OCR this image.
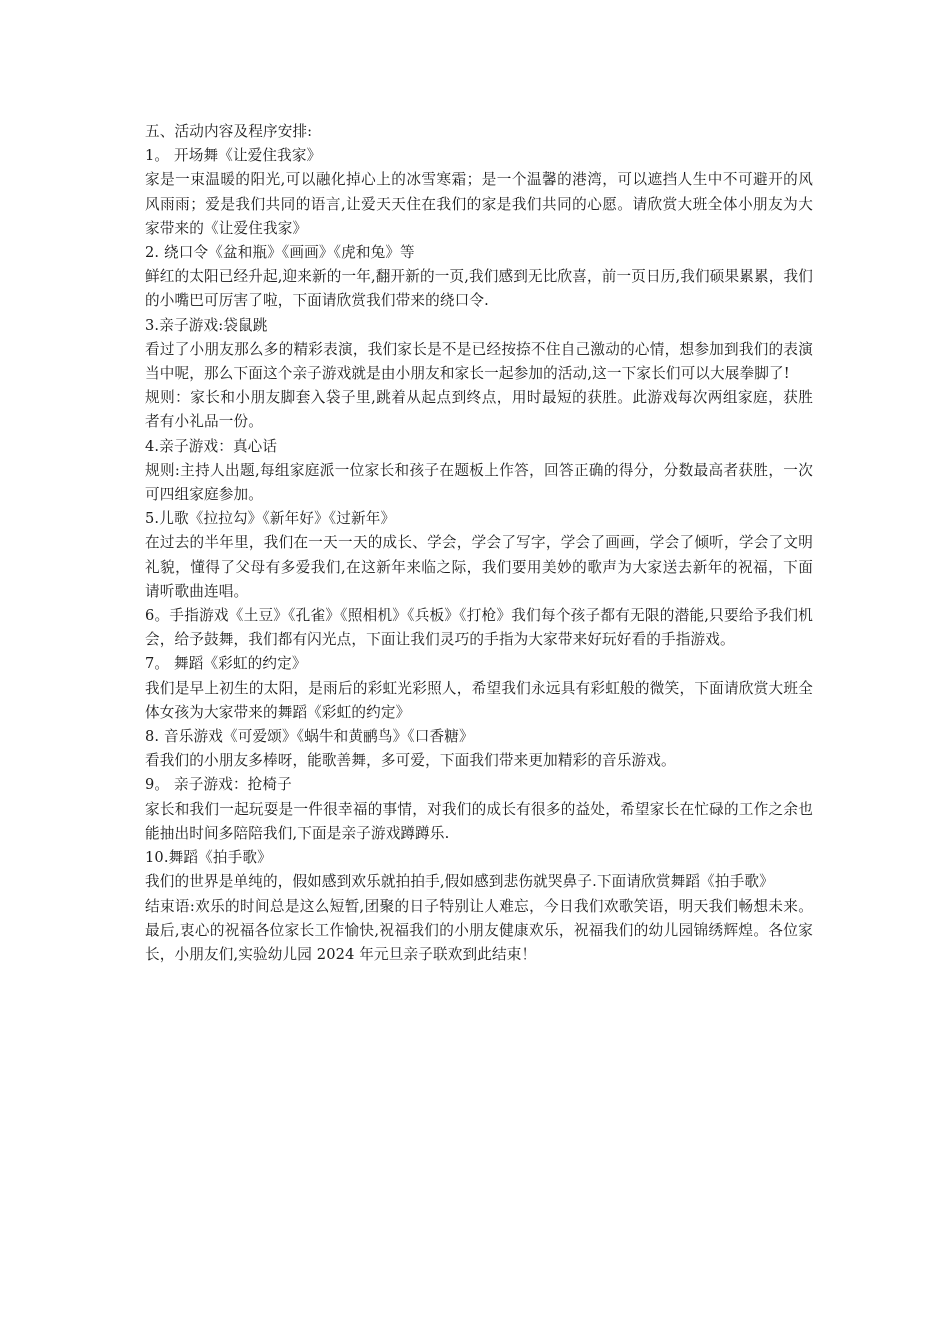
五、活动内容及程序安排:

1。 开场舞《让爱住我家》

家是一束温暖的阳光,可以融化掉心上的冰雪寒霜；是一个温馨的港湾，可以遮挡人生中不可避开的风风雨雨；爱是我们共同的语言,让爱天天住在我们的家是我们共同的心愿。请欣赏大班全体小朋友为大家带来的《让爱住我家》

2. 绕口令《盆和瓶》《画画》《虎和兔》等

鲜红的太阳已经升起,迎来新的一年,翻开新的一页,我们感到无比欣喜，前一页日历,我们硕果累累，我们的小嘴巴可厉害了啦，下面请欣赏我们带来的绕口令.

3.亲子游戏:袋鼠跳

看过了小朋友那么多的精彩表演，我们家长是不是已经按捺不住自己激动的心情，想参加到我们的表演当中呢，那么下面这个亲子游戏就是由小朋友和家长一起参加的活动,这一下家长们可以大展拳脚了!

规则：家长和小朋友脚套入袋子里,跳着从起点到终点，用时最短的获胜。此游戏每次两组家庭，获胜者有小礼品一份。

4.亲子游戏：真心话

规则:主持人出题,每组家庭派一位家长和孩子在题板上作答，回答正确的得分，分数最高者获胜，一次可四组家庭参加。

5.儿歌《拉拉勾》《新年好》《过新年》

在过去的半年里，我们在一天一天的成长、学会，学会了写字，学会了画画，学会了倾听，学会了文明礼貌，懂得了父母有多爱我们,在这新年来临之际，我们要用美妙的歌声为大家送去新年的祝福，下面请听歌曲连唱。

6。手指游戏《土豆》《孔雀》《照相机》《兵板》《打枪》我们每个孩子都有无限的潜能,只要给予我们机会，给予鼓舞，我们都有闪光点，下面让我们灵巧的手指为大家带来好玩好看的手指游戏。

7。 舞蹈《彩虹的约定》

我们是早上初生的太阳，是雨后的彩虹光彩照人，希望我们永远具有彩虹般的微笑，下面请欣赏大班全体女孩为大家带来的舞蹈《彩虹的约定》

8. 音乐游戏《可爱颂》《蜗牛和黄鹂鸟》《口香糖》

看我们的小朋友多棒呀，能歌善舞，多可爱，下面我们带来更加精彩的音乐游戏。

9。 亲子游戏：抢椅子

家长和我们一起玩耍是一件很幸福的事情，对我们的成长有很多的益处，希望家长在忙碌的工作之余也能抽出时间多陪陪我们,下面是亲子游戏蹲蹲乐.

10.舞蹈《拍手歌》

我们的世界是单纯的，假如感到欢乐就拍拍手,假如感到悲伤就哭鼻子.下面请欣赏舞蹈《拍手歌》

结束语:欢乐的时间总是这么短暂,团聚的日子特别让人难忘，今日我们欢歌笑语，明天我们畅想未来。最后,衷心的祝福各位家长工作愉快,祝福我们的小朋友健康欢乐，祝福我们的幼儿园锦绣辉煌。各位家长，小朋友们,实验幼儿园 2024 年元旦亲子联欢到此结束！
